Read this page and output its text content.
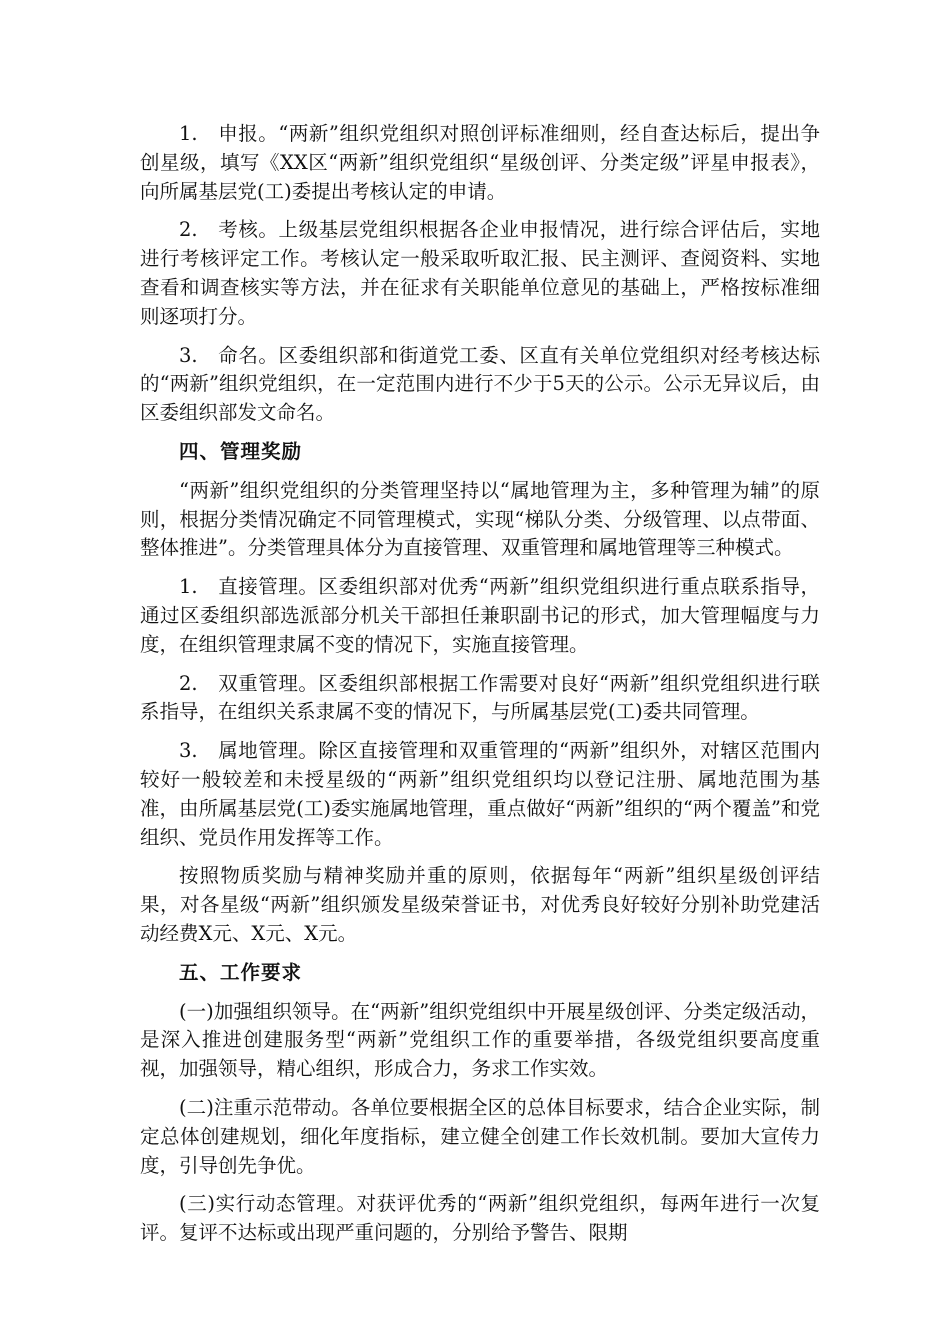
1.　申报。“两新”组织党组织对照创评标准细则，经自查达标后，提出争创星级，填写《XX区“两新”组织党组织“星级创评、分类定级”评星申报表》，向所属基层党(工)委提出考核认定的申请。

2.　考核。上级基层党组织根据各企业申报情况，进行综合评估后，实地进行考核评定工作。考核认定一般采取听取汇报、民主测评、查阅资料、实地查看和调查核实等方法，并在征求有关职能单位意见的基础上，严格按标准细则逐项打分。

3.　命名。区委组织部和街道党工委、区直有关单位党组织对经考核达标的“两新”组织党组织，在一定范围内进行不少于5天的公示。公示无异议后，由区委组织部发文命名。

四、管理奖励

“两新”组织党组织的分类管理坚持以“属地管理为主，多种管理为辅”的原则，根据分类情况确定不同管理模式，实现“梯队分类、分级管理、以点带面、整体推进”。分类管理具体分为直接管理、双重管理和属地管理等三种模式。

1.　直接管理。区委组织部对优秀“两新”组织党组织进行重点联系指导，通过区委组织部选派部分机关干部担任兼职副书记的形式，加大管理幅度与力度，在组织管理隶属不变的情况下，实施直接管理。

2.　双重管理。区委组织部根据工作需要对良好“两新”组织党组织进行联系指导，在组织关系隶属不变的情况下，与所属基层党(工)委共同管理。

3.　属地管理。除区直接管理和双重管理的“两新”组织外，对辖区范围内较好一般较差和未授星级的“两新”组织党组织均以登记注册、属地范围为基准，由所属基层党(工)委实施属地管理，重点做好“两新”组织的“两个覆盖”和党组织、党员作用发挥等工作。

按照物质奖励与精神奖励并重的原则，依据每年“两新”组织星级创评结果，对各星级“两新”组织颁发星级荣誉证书，对优秀良好较好分别补助党建活动经费X元、X元、X元。

五、工作要求

(一)加强组织领导。在“两新”组织党组织中开展星级创评、分类定级活动，是深入推进创建服务型“两新”党组织工作的重要举措，各级党组织要高度重视，加强领导，精心组织，形成合力，务求工作实效。

(二)注重示范带动。各单位要根据全区的总体目标要求，结合企业实际，制定总体创建规划，细化年度指标，建立健全创建工作长效机制。要加大宣传力度，引导创先争优。

(三)实行动态管理。对获评优秀的“两新”组织党组织，每两年进行一次复评。复评不达标或出现严重问题的，分别给予警告、限期
